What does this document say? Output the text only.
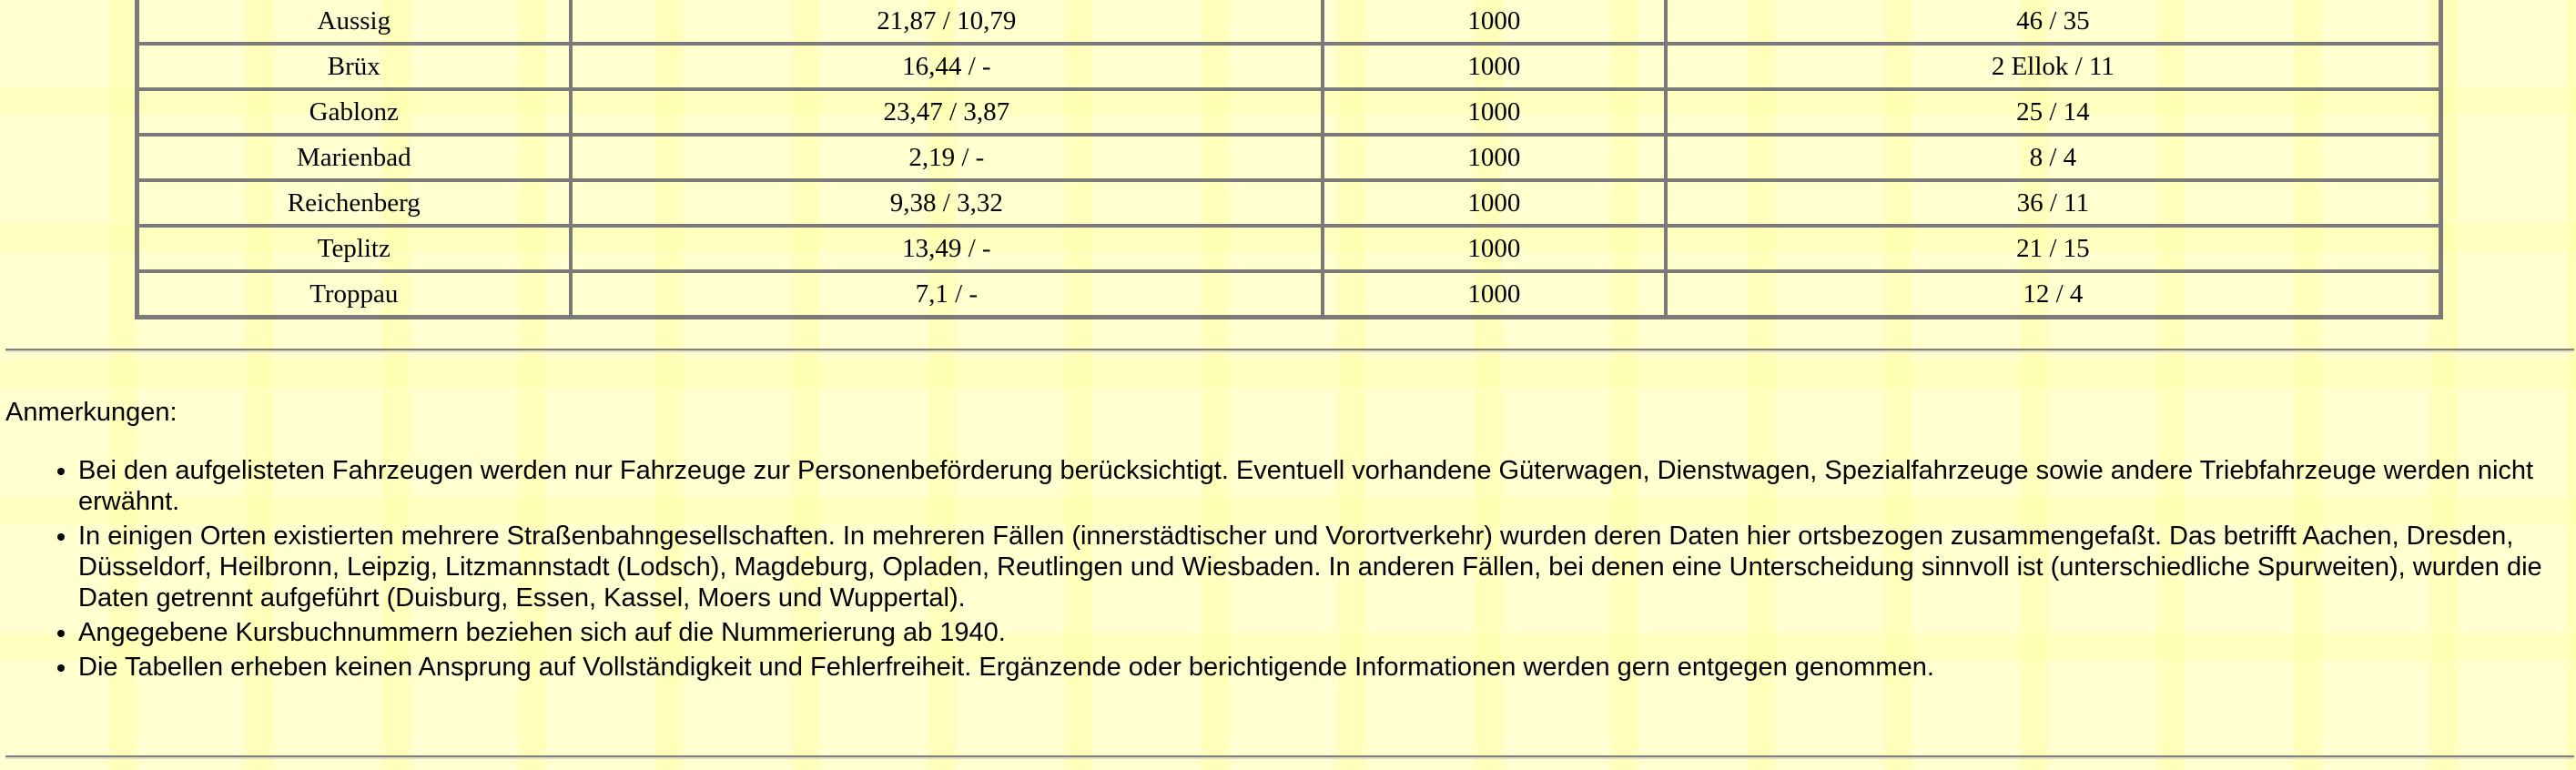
Aussig	21,87 / 10,79	1000	46 / 35
Brüx	16,44 / -	1000	2 Ellok / 11
Gablonz	23,47 / 3,87	1000	25 / 14
Marienbad	2,19 / -	1000	8 / 4
Reichenberg	9,38 / 3,32	1000	36 / 11
Teplitz	13,49 / -	1000	21 / 15
Troppau	7,1 / -	1000	12 / 4

Anmerkungen:

• Bei den aufgelisteten Fahrzeugen werden nur Fahrzeuge zur Personenbeförderung berücksichtigt. Eventuell vorhandene Güterwagen, Dienstwagen, Spezialfahrzeuge sowie andere Triebfahrzeuge werden nicht erwähnt.
• In einigen Orten existierten mehrere Straßenbahngesellschaften. In mehreren Fällen (innerstädtischer und Vorortverkehr) wurden deren Daten hier ortsbezogen zusammengefaßt. Das betrifft Aachen, Dresden, Düsseldorf, Heilbronn, Leipzig, Litzmannstadt (Lodsch), Magdeburg, Opladen, Reutlingen und Wiesbaden. In anderen Fällen, bei denen eine Unterscheidung sinnvoll ist (unterschiedliche Spurweiten), wurden die Daten getrennt aufgeführt (Duisburg, Essen, Kassel, Moers und Wuppertal).
• Angegebene Kursbuchnummern beziehen sich auf die Nummerierung ab 1940.
• Die Tabellen erheben keinen Ansprung auf Vollständigkeit und Fehlerfreiheit. Ergänzende oder berichtigende Informationen werden gern entgegen genommen.
